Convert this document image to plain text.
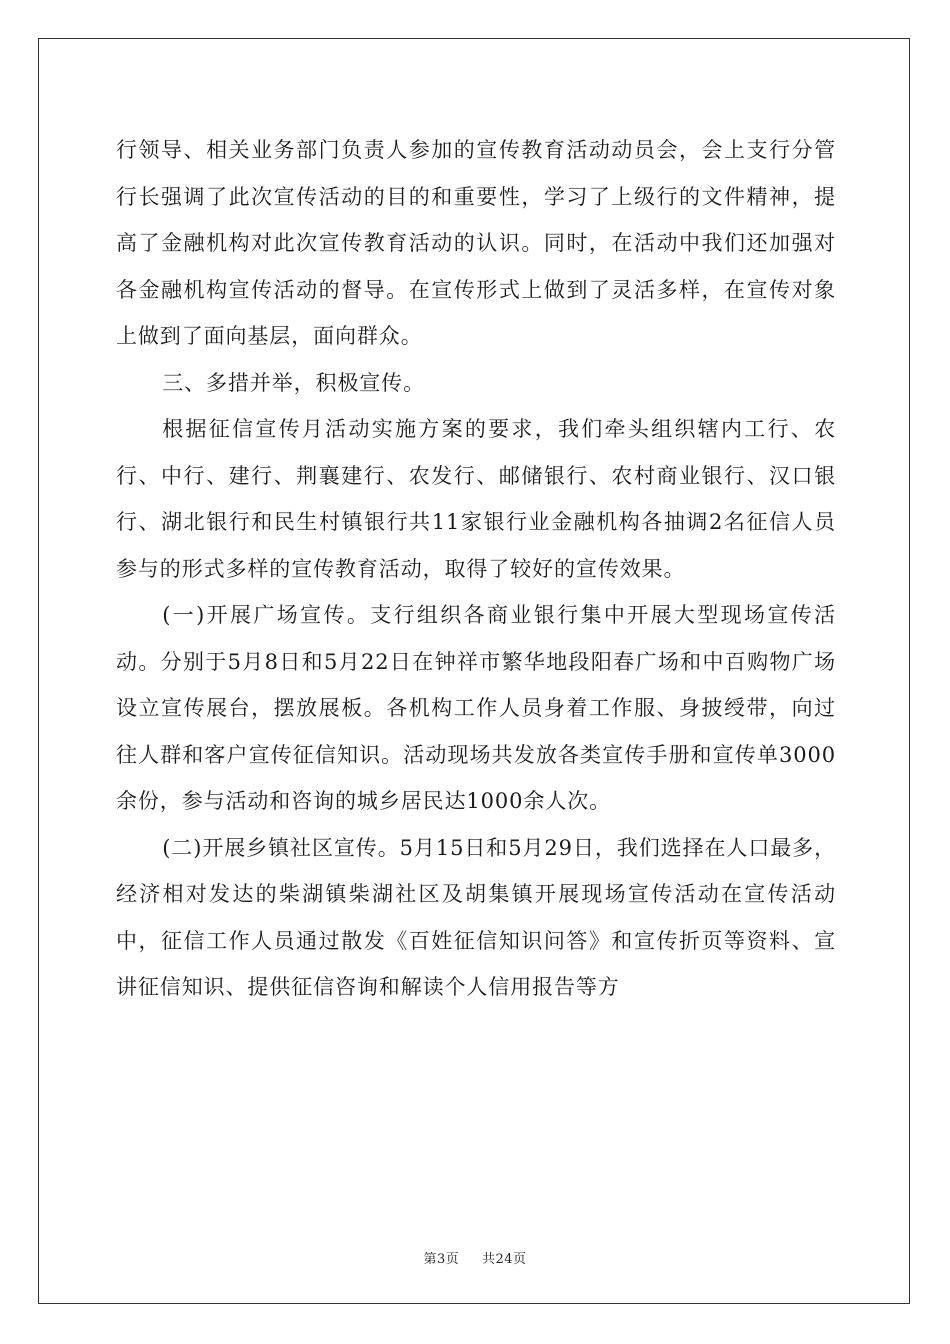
行领导、相关业务部门负责人参加的宣传教育活动动员会，会上支行分管行长强调了此次宣传活动的目的和重要性，学习了上级行的文件精神，提高了金融机构对此次宣传教育活动的认识。同时，在活动中我们还加强对各金融机构宣传活动的督导。在宣传形式上做到了灵活多样，在宣传对象上做到了面向基层，面向群众。

三、多措并举，积极宣传。

根据征信宣传月活动实施方案的要求，我们牵头组织辖内工行、农行、中行、建行、荆襄建行、农发行、邮储银行、农村商业银行、汉口银行、湖北银行和民生村镇银行共11家银行业金融机构各抽调2名征信人员参与的形式多样的宣传教育活动，取得了较好的宣传效果。

(一)开展广场宣传。支行组织各商业银行集中开展大型现场宣传活动。分别于5月8日和5月22日在钟祥市繁华地段阳春广场和中百购物广场设立宣传展台，摆放展板。各机构工作人员身着工作服、身披绶带，向过往人群和客户宣传征信知识。活动现场共发放各类宣传手册和宣传单3000余份，参与活动和咨询的城乡居民达1000余人次。

(二)开展乡镇社区宣传。5月15日和5月29日，我们选择在人口最多，经济相对发达的柴湖镇柴湖社区及胡集镇开展现场宣传活动在宣传活动中，征信工作人员通过散发《百姓征信知识问答》和宣传折页等资料、宣讲征信知识、提供征信咨询和解读个人信用报告等方

第3页 　 共24页
